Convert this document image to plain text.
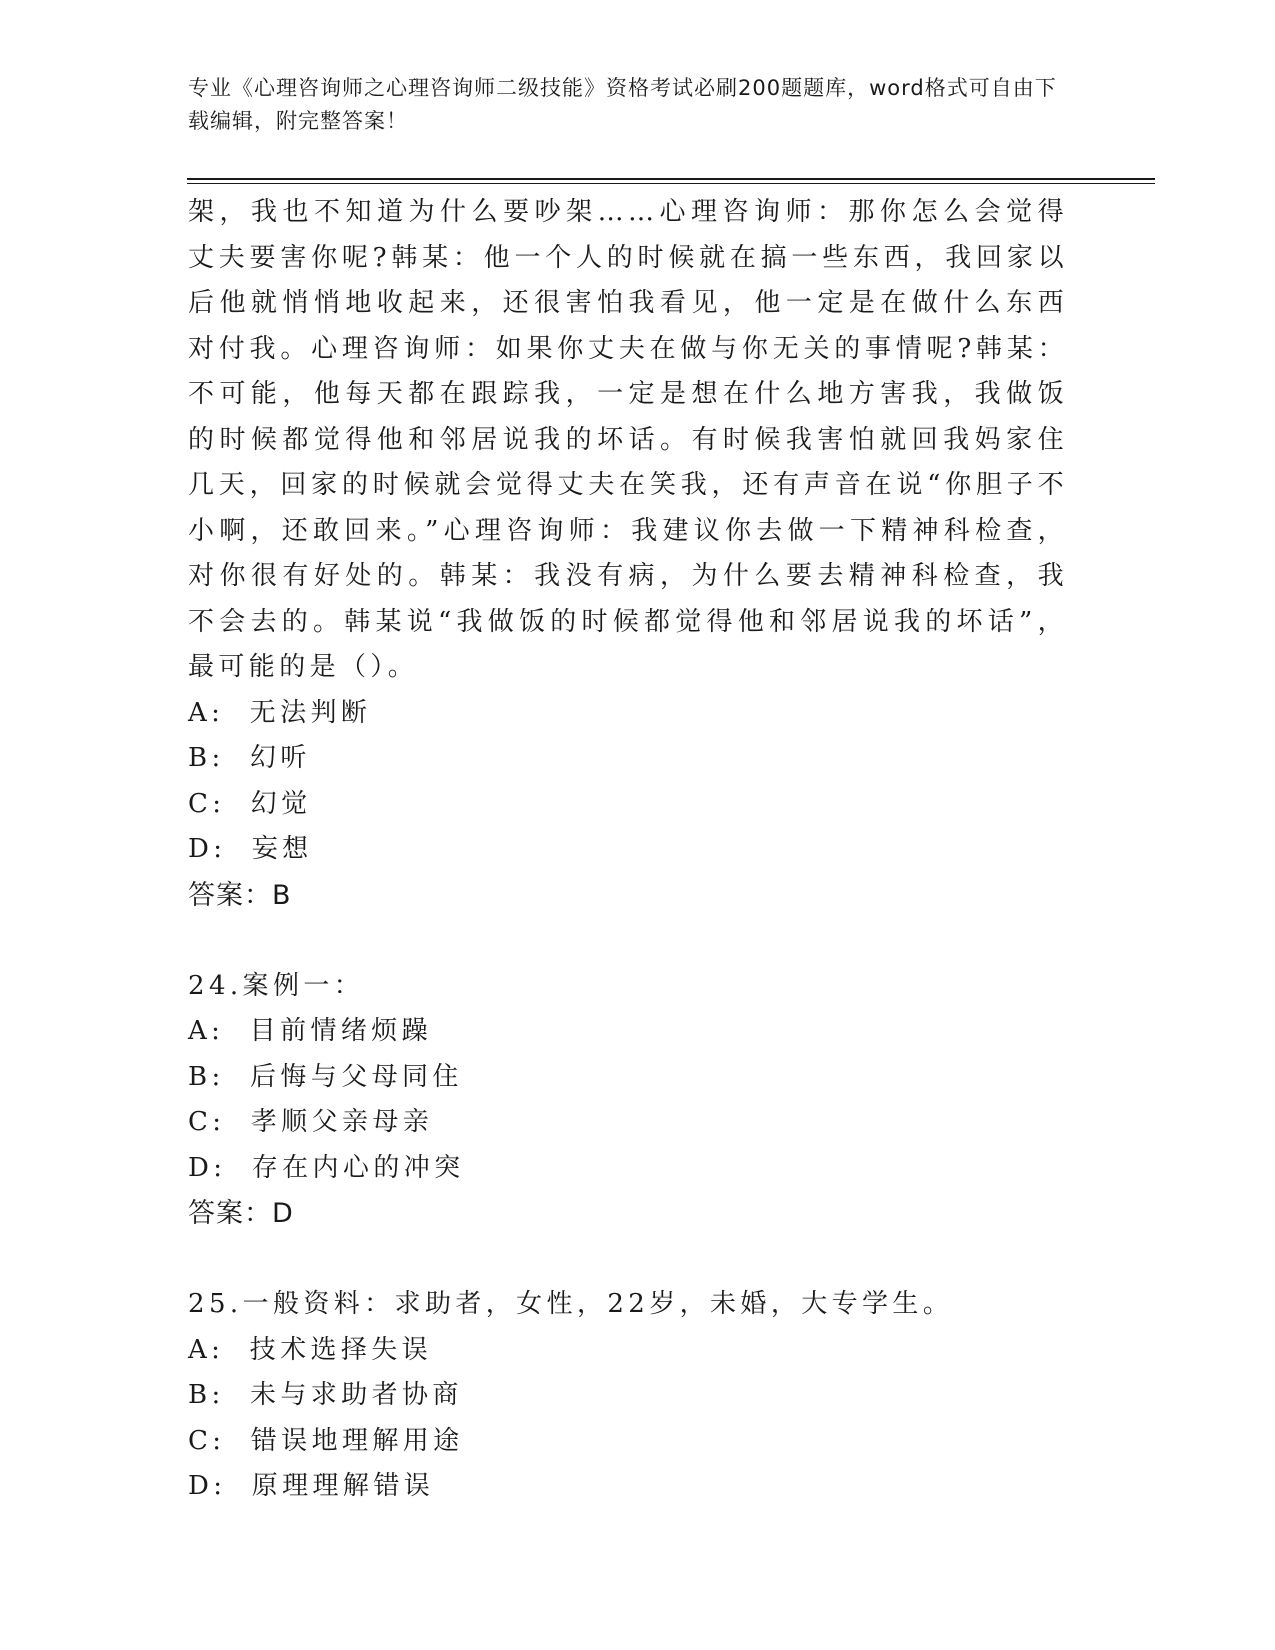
专业《心理咨询师之心理咨询师二级技能》资格考试必刷200题题库，word格式可自由下载编辑，附完整答案！

架，我也不知道为什么要吵架……心理咨询师：那你怎么会觉得丈夫要害你呢?韩某：他一个人的时候就在搞一些东西，我回家以后他就悄悄地收起来，还很害怕我看见，他一定是在做什么东西对付我。心理咨询师：如果你丈夫在做与你无关的事情呢?韩某：不可能，他每天都在跟踪我，一定是想在什么地方害我，我做饭的时候都觉得他和邻居说我的坏话。有时候我害怕就回我妈家住几天，回家的时候就会觉得丈夫在笑我，还有声音在说“你胆子不小啊，还敢回来。”心理咨询师：我建议你去做一下精神科检查，对你很有好处的。韩某：我没有病，为什么要去精神科检查，我不会去的。韩某说“我做饭的时候都觉得他和邻居说我的坏话”，最可能的是（）。

A:  无法判断

B:  幻听

C:  幻觉

D:  妄想

答案：B

24.案例一：

A:  目前情绪烦躁

B:  后悔与父母同住

C:  孝顺父亲母亲

D:  存在内心的冲突

答案：D

25.一般资料：求助者，女性，22岁，未婚，大专学生。

A:  技术选择失误

B:  未与求助者协商

C:  错误地理解用途

D:  原理理解错误
